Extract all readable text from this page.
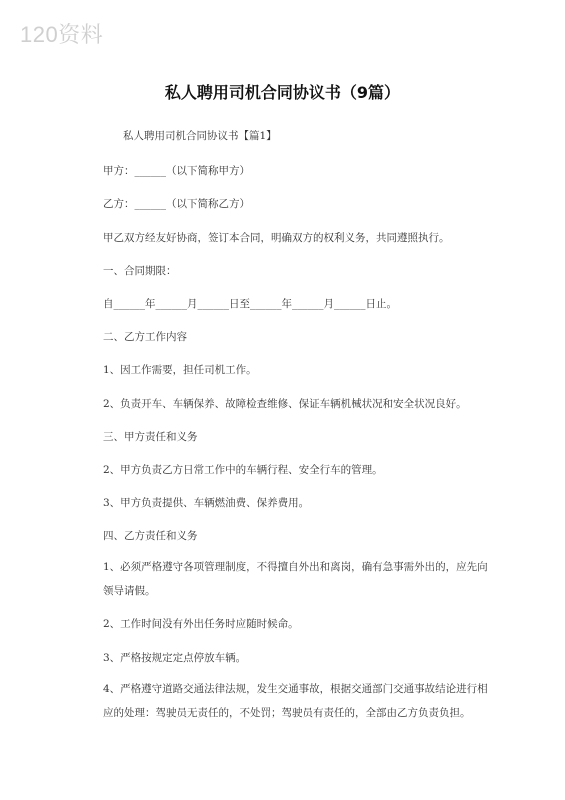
120资料
私人聘用司机合同协议书（9篇）
私人聘用司机合同协议书【篇1】
甲方：______（以下简称甲方）
乙方：______（以下简称乙方）
甲乙双方经友好协商，签订本合同，明确双方的权利义务，共同遵照执行。
一、合同期限：
自______年______月______日至______年______月______日止。
二、乙方工作内容
1、因工作需要，担任司机工作。
2、负责开车、车辆保养、故障检查维修、保证车辆机械状况和安全状况良好。
三、甲方责任和义务
2、甲方负责乙方日常工作中的车辆行程、安全行车的管理。
3、甲方负责提供、车辆燃油费、保养费用。
四、乙方责任和义务
1、必须严格遵守各项管理制度，不得擅自外出和离岗，确有急事需外出的，应先向领导请假。
2、工作时间没有外出任务时应随时候命。
3、严格按规定定点停放车辆。
4、严格遵守道路交通法律法规，发生交通事故，根据交通部门交通事故结论进行相应的处理：驾驶员无责任的，不处罚；驾驶员有责任的，全部由乙方负责负担。
